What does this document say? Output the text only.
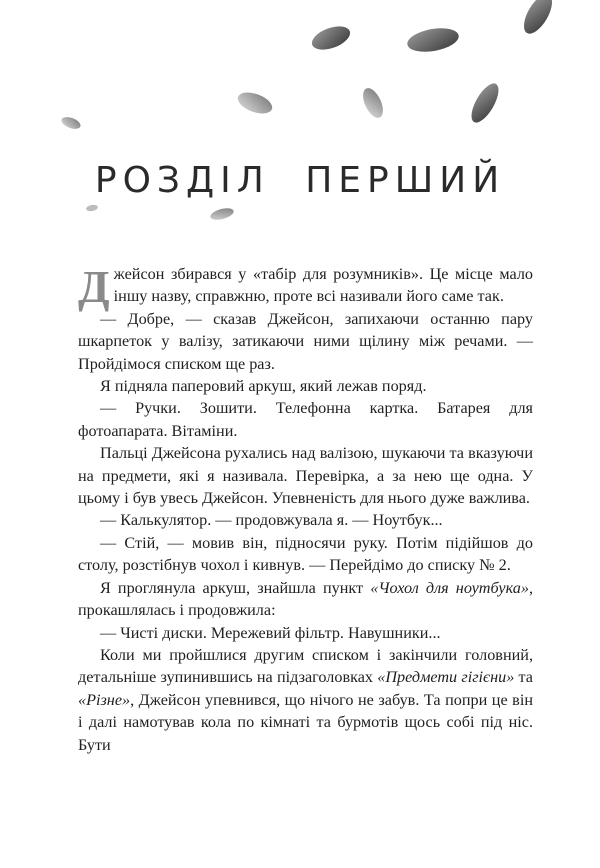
РОЗДІЛ ПЕРШИЙ

Джейсон збирався у «табір для розумників». Це місце мало іншу назву, справжню, проте всі називали його саме так.

— Добре, — сказав Джейсон, запихаючи останню пару шкарпеток у валізу, затикаючи ними щілину між речами. — Пройдімося списком ще раз.

Я підняла паперовий аркуш, який лежав поряд.

— Ручки. Зошити. Телефонна картка. Батарея для фотоапарата. Вітаміни.

Пальці Джейсона рухались над валізою, шукаючи та вказуючи на предмети, які я називала. Перевірка, а за нею ще одна. У цьому і був увесь Джейсон. Упевненість для нього дуже важлива.

— Калькулятор. — продовжувала я. — Ноутбук...

— Стій, — мовив він, підносячи руку. Потім підійшов до столу, розстібнув чохол і кивнув. — Перейдімо до списку № 2.

Я проглянула аркуш, знайшла пункт «Чохол для ноутбука», прокашлялась і продовжила:

— Чисті диски. Мережевий фільтр. Навушники...

Коли ми пройшлися другим списком і закінчили головний, детальніше зупинившись на підзаголовках «Предмети гігієни» та «Різне», Джейсон упевнився, що нічого не забув. Та попри це він і далі намотував кола по кімнаті та бурмотів щось собі під ніс. Бути
